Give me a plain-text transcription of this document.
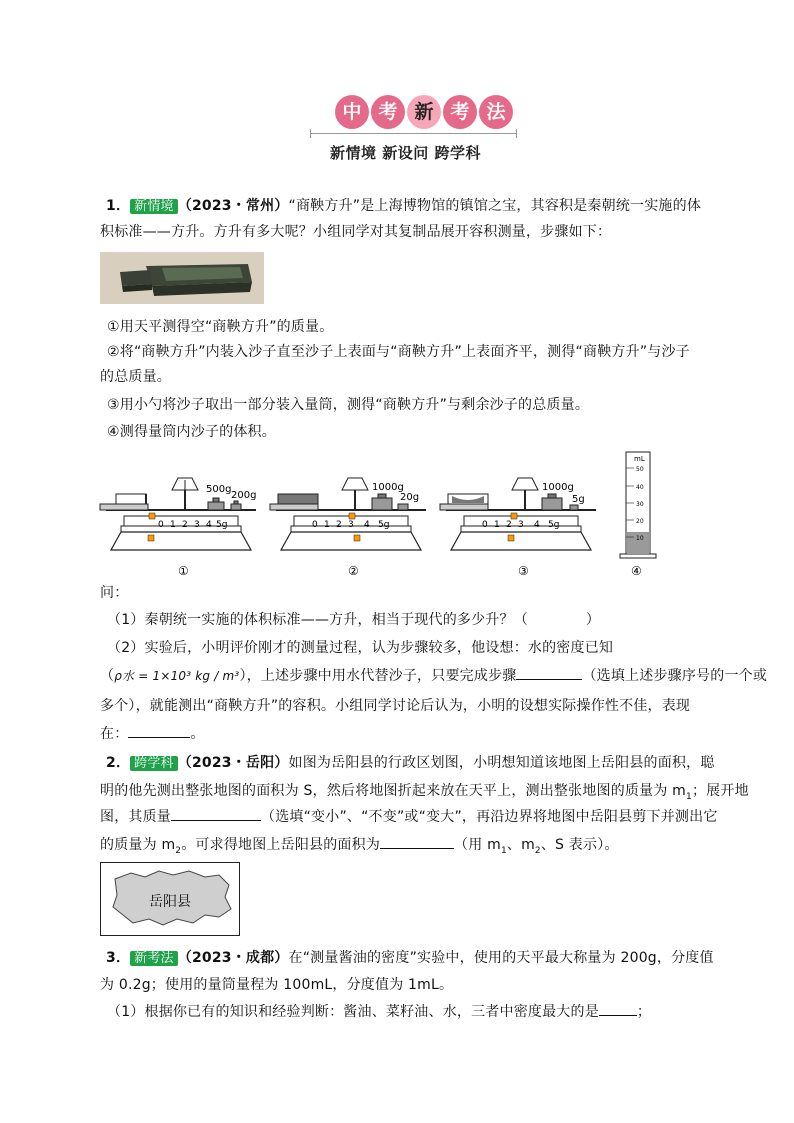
中 考 新 考 法
新情境 新设问 跨学科
1． 新情境 （2023・常州）“商鞅方升”是上海博物馆的镇馆之宝，其容积是秦朝统一实施的体
积标准——方升。方升有多大呢？小组同学对其复制品展开容积测量，步骤如下：
①用天平测得空“商鞅方升”的质量。
②将“商鞅方升”内装入沙子直至沙子上表面与“商鞅方升”上表面齐平，测得“商鞅方升”与沙子
的总质量。
③用小勺将沙子取出一部分装入量筒，测得“商鞅方升”与剩余沙子的总质量。
④测得量筒内沙子的体积。
0 1 2 3 4 5g
500g
200g
①
0 1 2 3 4 5g
1000g
20g
②
0 1 2 3 4 5g
1000g
5g
③
mL
50
40
30
20
10
④
问：
（1）秦朝统一实施的体积标准——方升，相当于现代的多少升？（	）
（2）实验后，小明评价刚才的测量过程，认为步骤较多，他设想：水的密度已知
（ρ水 = 1×10³ kg / m³），上述步骤中用水代替沙子，只要完成步骤	（选填上述步骤序号的一个或
多个），就能测出“商鞅方升”的容积。小组同学讨论后认为，小明的设想实际操作性不佳，表现
在：	。
2． 跨学科 （2023・岳阳）如图为岳阳县的行政区划图，小明想知道该地图上岳阳县的面积，聪
明的他先测出整张地图的面积为 S，然后将地图折起来放在天平上，测出整张地图的质量为 $m_1$；展开地
图，其质量	（选填“变小”、“不变”或“变大”，再沿边界将地图中岳阳县剪下并测出它
的质量为 $m_2$。可求得地图上岳阳县的面积为	（用 $m_1$、$m_2$、S 表示）。
岳阳县
3． 新考法 （2023・成都）在“测量酱油的密度”实验中，使用的天平最大称量为 200g，分度值
为 0.2g；使用的量筒量程为 100mL，分度值为 1mL。
（1）根据你已有的知识和经验判断：酱油、菜籽油、水，三者中密度最大的是	；
